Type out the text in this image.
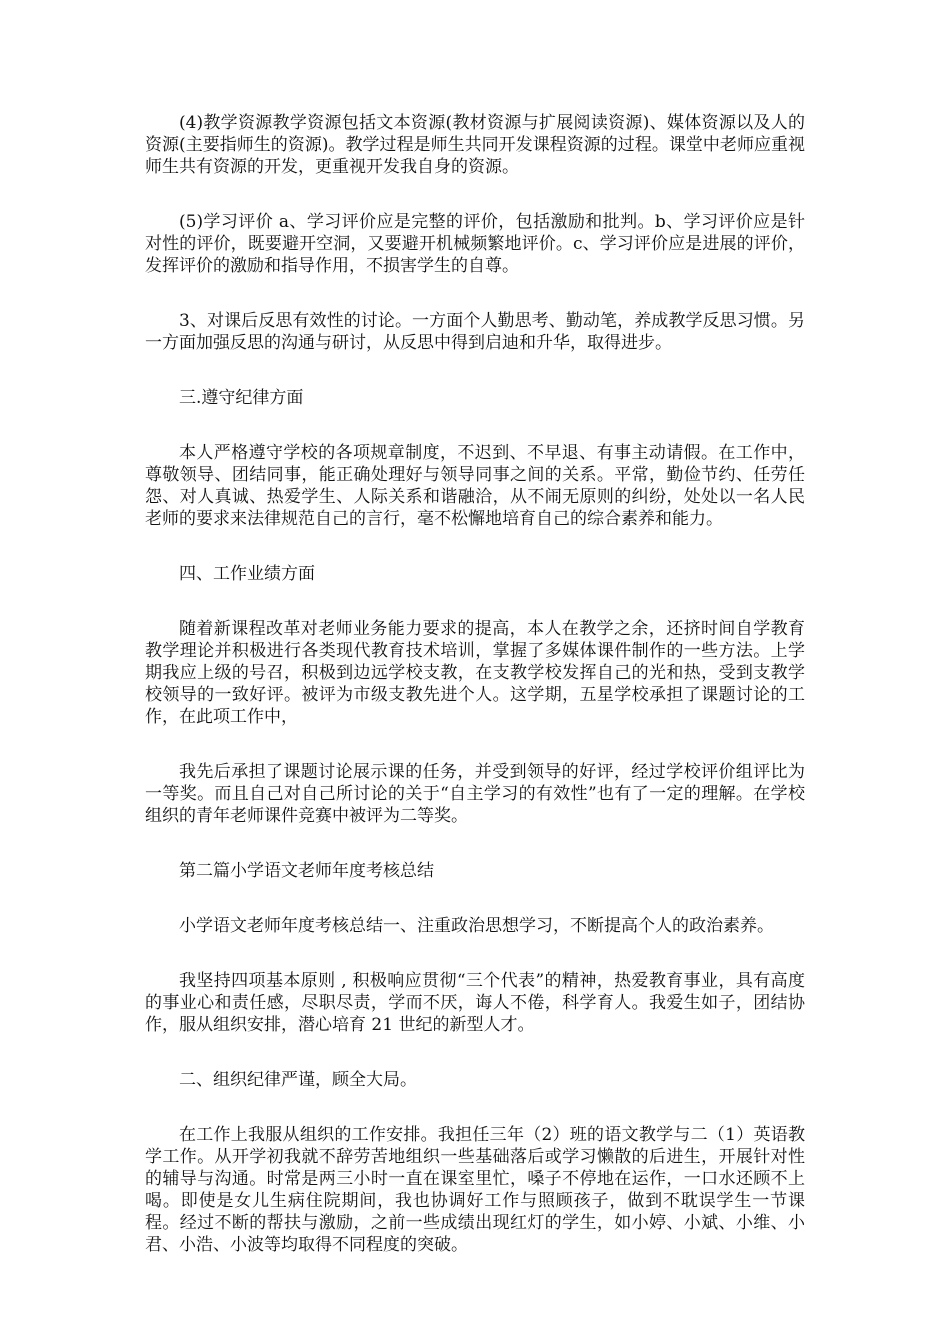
(4)教学资源教学资源包括文本资源(教材资源与扩展阅读资源)、媒体资源以及人的资源(主要指师生的资源)。教学过程是师生共同开发课程资源的过程。课堂中老师应重视师生共有资源的开发，更重视开发我自身的资源。

(5)学习评价 a、学习评价应是完整的评价，包括激励和批判。b、学习评价应是针对性的评价，既要避开空洞，又要避开机械频繁地评价。c、学习评价应是进展的评价，发挥评价的激励和指导作用，不损害学生的自尊。

3、对课后反思有效性的讨论。一方面个人勤思考、勤动笔，养成教学反思习惯。另一方面加强反思的沟通与研讨，从反思中得到启迪和升华，取得进步。

三.遵守纪律方面

本人严格遵守学校的各项规章制度，不迟到、不早退、有事主动请假。在工作中，尊敬领导、团结同事，能正确处理好与领导同事之间的关系。平常，勤俭节约、任劳任怨、对人真诚、热爱学生、人际关系和谐融洽，从不闹无原则的纠纷，处处以一名人民老师的要求来法律规范自己的言行，毫不松懈地培育自己的综合素养和能力。

四、工作业绩方面

随着新课程改革对老师业务能力要求的提高，本人在教学之余，还挤时间自学教育教学理论并积极进行各类现代教育技术培训，掌握了多媒体课件制作的一些方法。上学期我应上级的号召，积极到边远学校支教，在支教学校发挥自己的光和热，受到支教学校领导的一致好评。被评为市级支教先进个人。这学期，五星学校承担了课题讨论的工作，在此项工作中，

我先后承担了课题讨论展示课的任务，并受到领导的好评，经过学校评价组评比为一等奖。而且自己对自己所讨论的关于“自主学习的有效性”也有了一定的理解。在学校组织的青年老师课件竞赛中被评为二等奖。

第二篇小学语文老师年度考核总结

小学语文老师年度考核总结一、注重政治思想学习，不断提高个人的政治素养。

我坚持四项基本原则 , 积极响应贯彻“三个代表”的精神，热爱教育事业，具有高度的事业心和责任感，尽职尽责，学而不厌，诲人不倦，科学育人。我爱生如子，团结协作，服从组织安排，潜心培育 21 世纪的新型人才。

二、组织纪律严谨，顾全大局。

在工作上我服从组织的工作安排。我担任三年（2）班的语文教学与二（1）英语教学工作。从开学初我就不辞劳苦地组织一些基础落后或学习懒散的后进生，开展针对性的辅导与沟通。时常是两三小时一直在课室里忙，嗓子不停地在运作，一口水还顾不上喝。即使是女儿生病住院期间，我也协调好工作与照顾孩子，做到不耽误学生一节课程。经过不断的帮扶与激励，之前一些成绩出现红灯的学生，如小婷、小斌、小维、小君、小浩、小波等均取得不同程度的突破。
